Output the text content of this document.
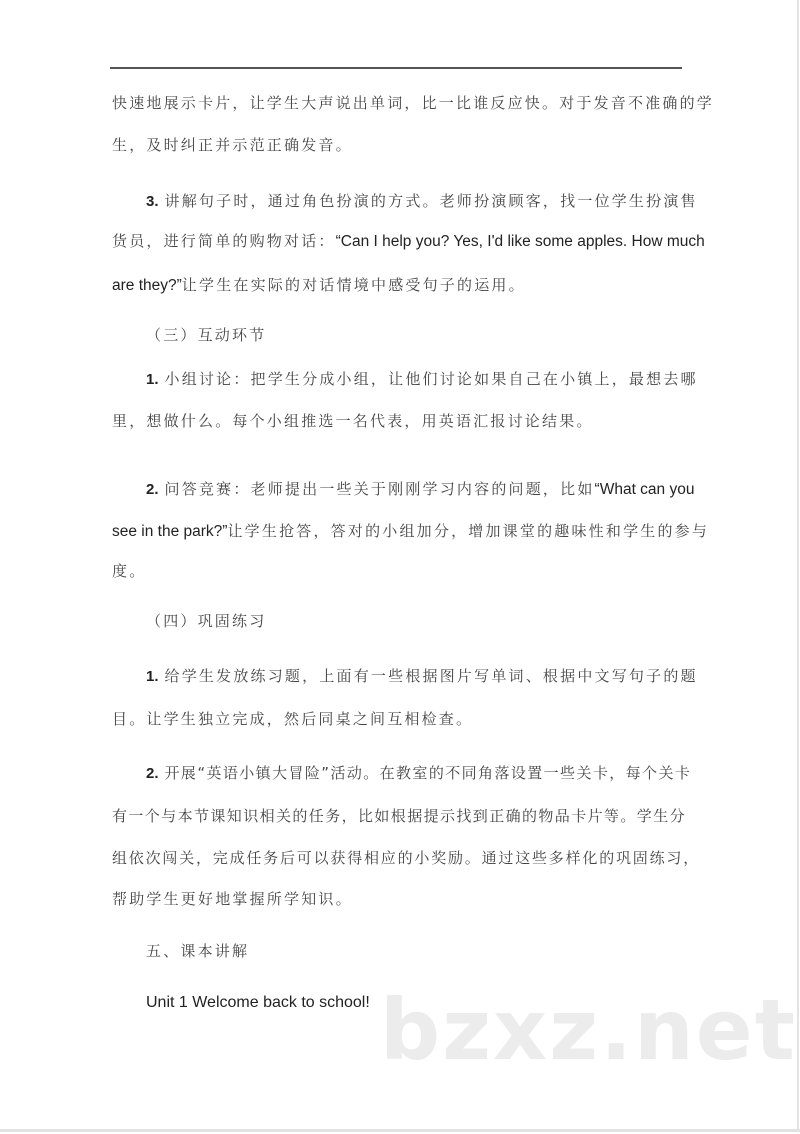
快速地展示卡片，让学生大声说出单词，比一比谁反应快。对于发音不准确的学
生，及时纠正并示范正确发音。
3. 讲解句子时，通过角色扮演的方式。老师扮演顾客，找一位学生扮演售
货员，进行简单的购物对话：“Can I help you? Yes, I'd like some apples. How much
are they?”让学生在实际的对话情境中感受句子的运用。
（三）互动环节
1. 小组讨论：把学生分成小组，让他们讨论如果自己在小镇上，最想去哪
里，想做什么。每个小组推选一名代表，用英语汇报讨论结果。
2. 问答竞赛：老师提出一些关于刚刚学习内容的问题，比如“What can you
see in the park?”让学生抢答，答对的小组加分，增加课堂的趣味性和学生的参与
度。
（四）巩固练习
1. 给学生发放练习题，上面有一些根据图片写单词、根据中文写句子的题
目。让学生独立完成，然后同桌之间互相检查。
2. 开展“英语小镇大冒险”活动。在教室的不同角落设置一些关卡，每个关卡
有一个与本节课知识相关的任务，比如根据提示找到正确的物品卡片等。学生分
组依次闯关，完成任务后可以获得相应的小奖励。通过这些多样化的巩固练习，
帮助学生更好地掌握所学知识。
五、课本讲解
bzxz.net
Unit 1 Welcome back to school!
